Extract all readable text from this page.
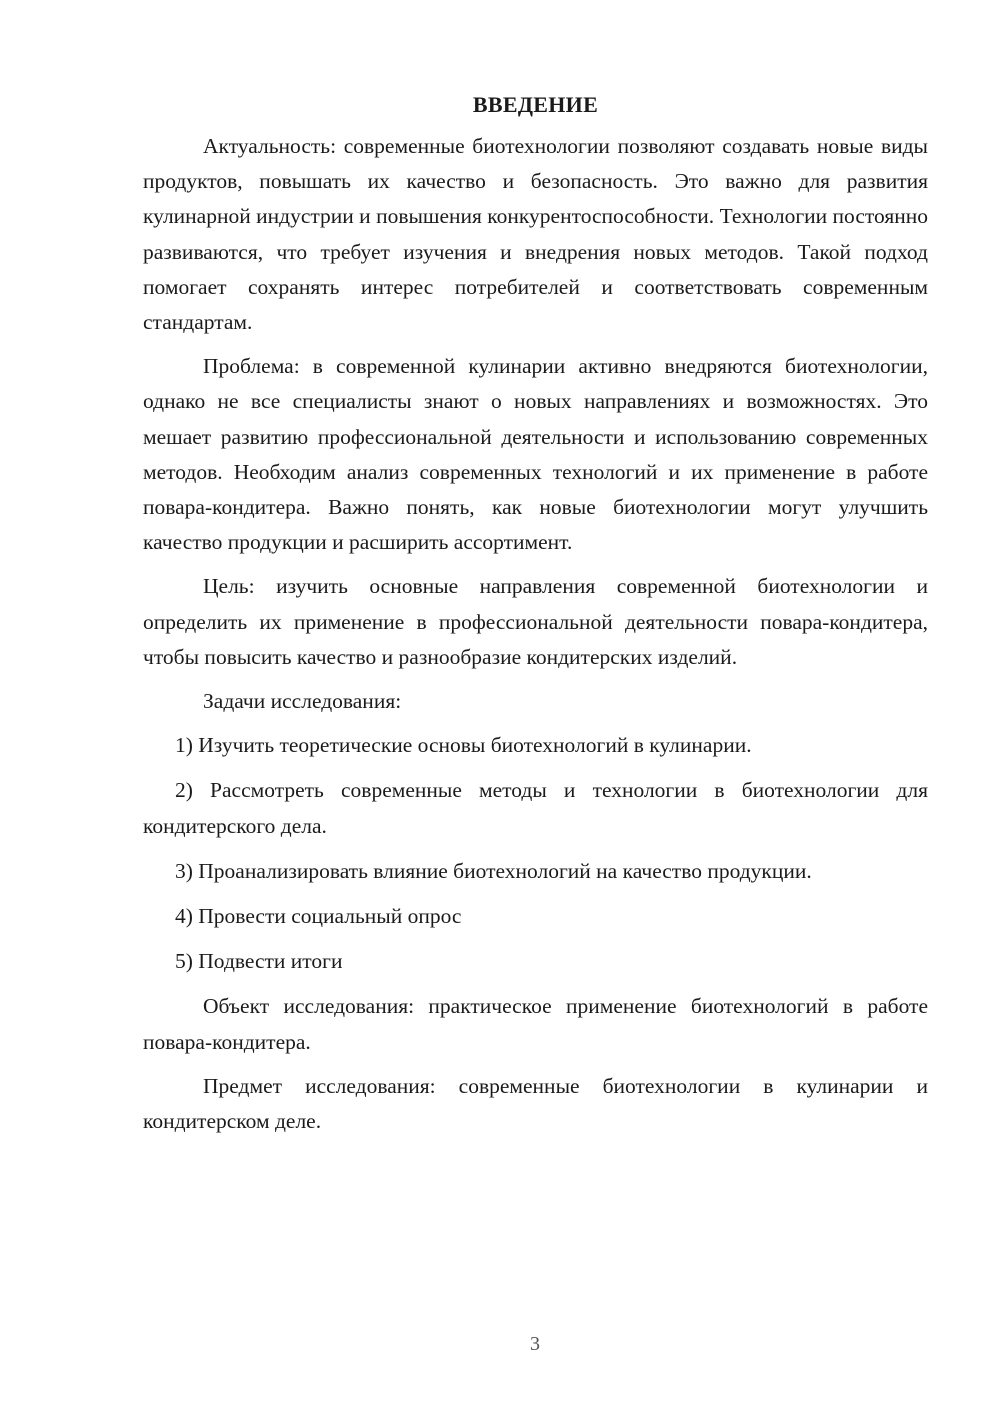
ВВЕДЕНИЕ

Актуальность: современные биотехнологии позволяют создавать новые виды продуктов, повышать их качество и безопасность. Это важно для развития кулинарной индустрии и повышения конкурентоспособности. Технологии постоянно развиваются, что требует изучения и внедрения новых методов. Такой подход помогает сохранять интерес потребителей и соответствовать современным стандартам.

Проблема: в современной кулинарии активно внедряются биотехнологии, однако не все специалисты знают о новых направлениях и возможностях. Это мешает развитию профессиональной деятельности и использованию современных методов. Необходим анализ современных технологий и их применение в работе повара-кондитера. Важно понять, как новые биотехнологии могут улучшить качество продукции и расширить ассортимент.

Цель: изучить основные направления современной биотехнологии и определить их применение в профессиональной деятельности повара-кондитера, чтобы повысить качество и разнообразие кондитерских изделий.

Задачи исследования:

1) Изучить теоретические основы биотехнологий в кулинарии.

2) Рассмотреть современные методы и технологии в биотехнологии для кондитерского дела.

3) Проанализировать влияние биотехнологий на качество продукции.

4) Провести социальный опрос

5) Подвести итоги

Объект исследования: практическое применение биотехнологий в работе повара-кондитера.

Предмет исследования: современные биотехнологии в кулинарии и кондитерском деле.

3
